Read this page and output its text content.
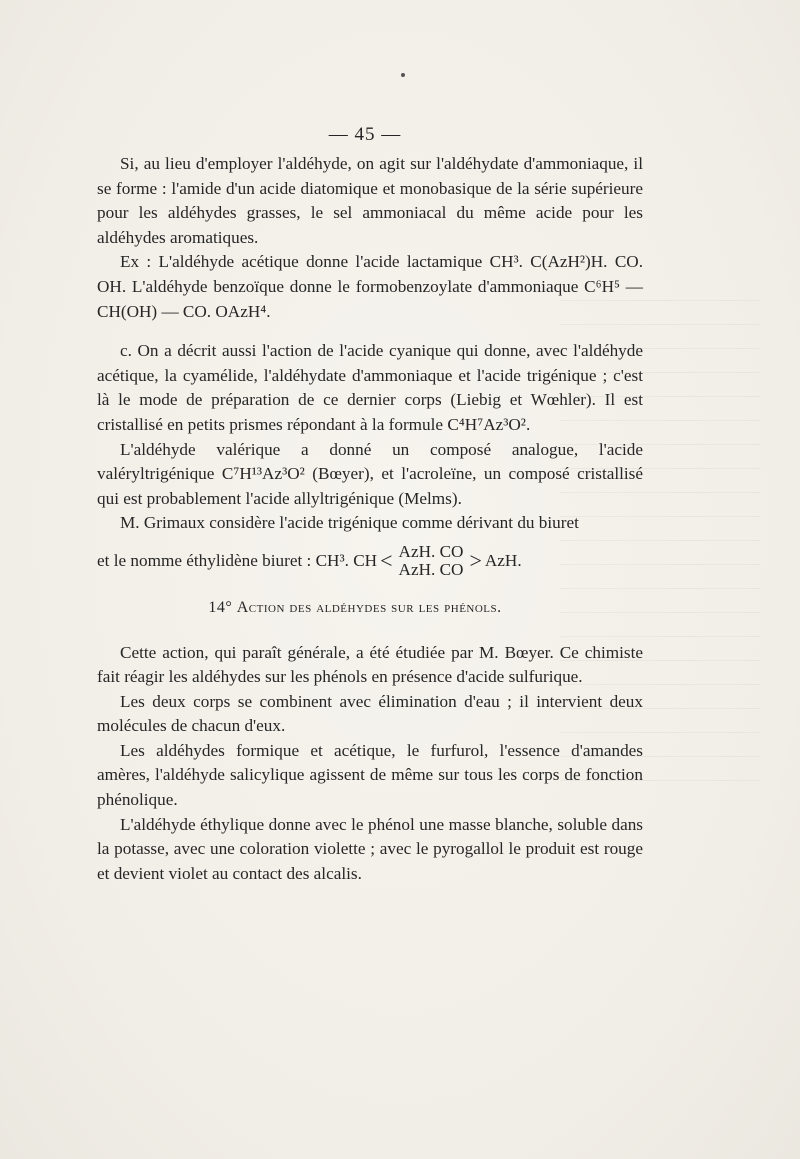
— 45 —

Si, au lieu d'employer l'aldéhyde, on agit sur l'aldéhydate d'ammoniaque, il se forme : l'amide d'un acide diatomique et monobasique de la série supérieure pour les aldéhydes grasses, le sel ammoniacal du même acide pour les aldéhydes aromatiques.

Ex : L'aldéhyde acétique donne l'acide lactamique CH³. C(AzH²)H. CO. OH. L'aldéhyde benzoïque donne le formobenzoylate d'ammoniaque C⁶H⁵ — CH(OH) — CO. OAzH⁴.

c. On a décrit aussi l'action de l'acide cyanique qui donne, avec l'aldéhyde acétique, la cyamélide, l'aldéhydate d'ammoniaque et l'acide trigénique ; c'est là le mode de préparation de ce dernier corps (Liebig et Wœhler). Il est cristallisé en petits prismes répondant à la formule C⁴H⁷Az³O².

L'aldéhyde valérique a donné un composé analogue, l'acide valéryltrigénique C⁷H¹³Az³O² (Bœyer), et l'acroleïne, un composé cristallisé qui est probablement l'acide allyltrigénique (Melms).

M. Grimaux considère l'acide trigénique comme dérivant du biuret

et le nomme éthylidène biuret : CH³. CH < AzH. CO
AzH. CO > AzH.
14° Action des aldéhydes sur les phénols.

Cette action, qui paraît générale, a été étudiée par M. Bœyer. Ce chimiste fait réagir les aldéhydes sur les phénols en présence d'acide sulfurique.

Les deux corps se combinent avec élimination d'eau ; il intervient deux molécules de chacun d'eux.

Les aldéhydes formique et acétique, le furfurol, l'essence d'amandes amères, l'aldéhyde salicylique agissent de même sur tous les corps de fonction phénolique.

L'aldéhyde éthylique donne avec le phénol une masse blanche, soluble dans la potasse, avec une coloration violette ; avec le pyrogallol le produit est rouge et devient violet au contact des alcalis.
